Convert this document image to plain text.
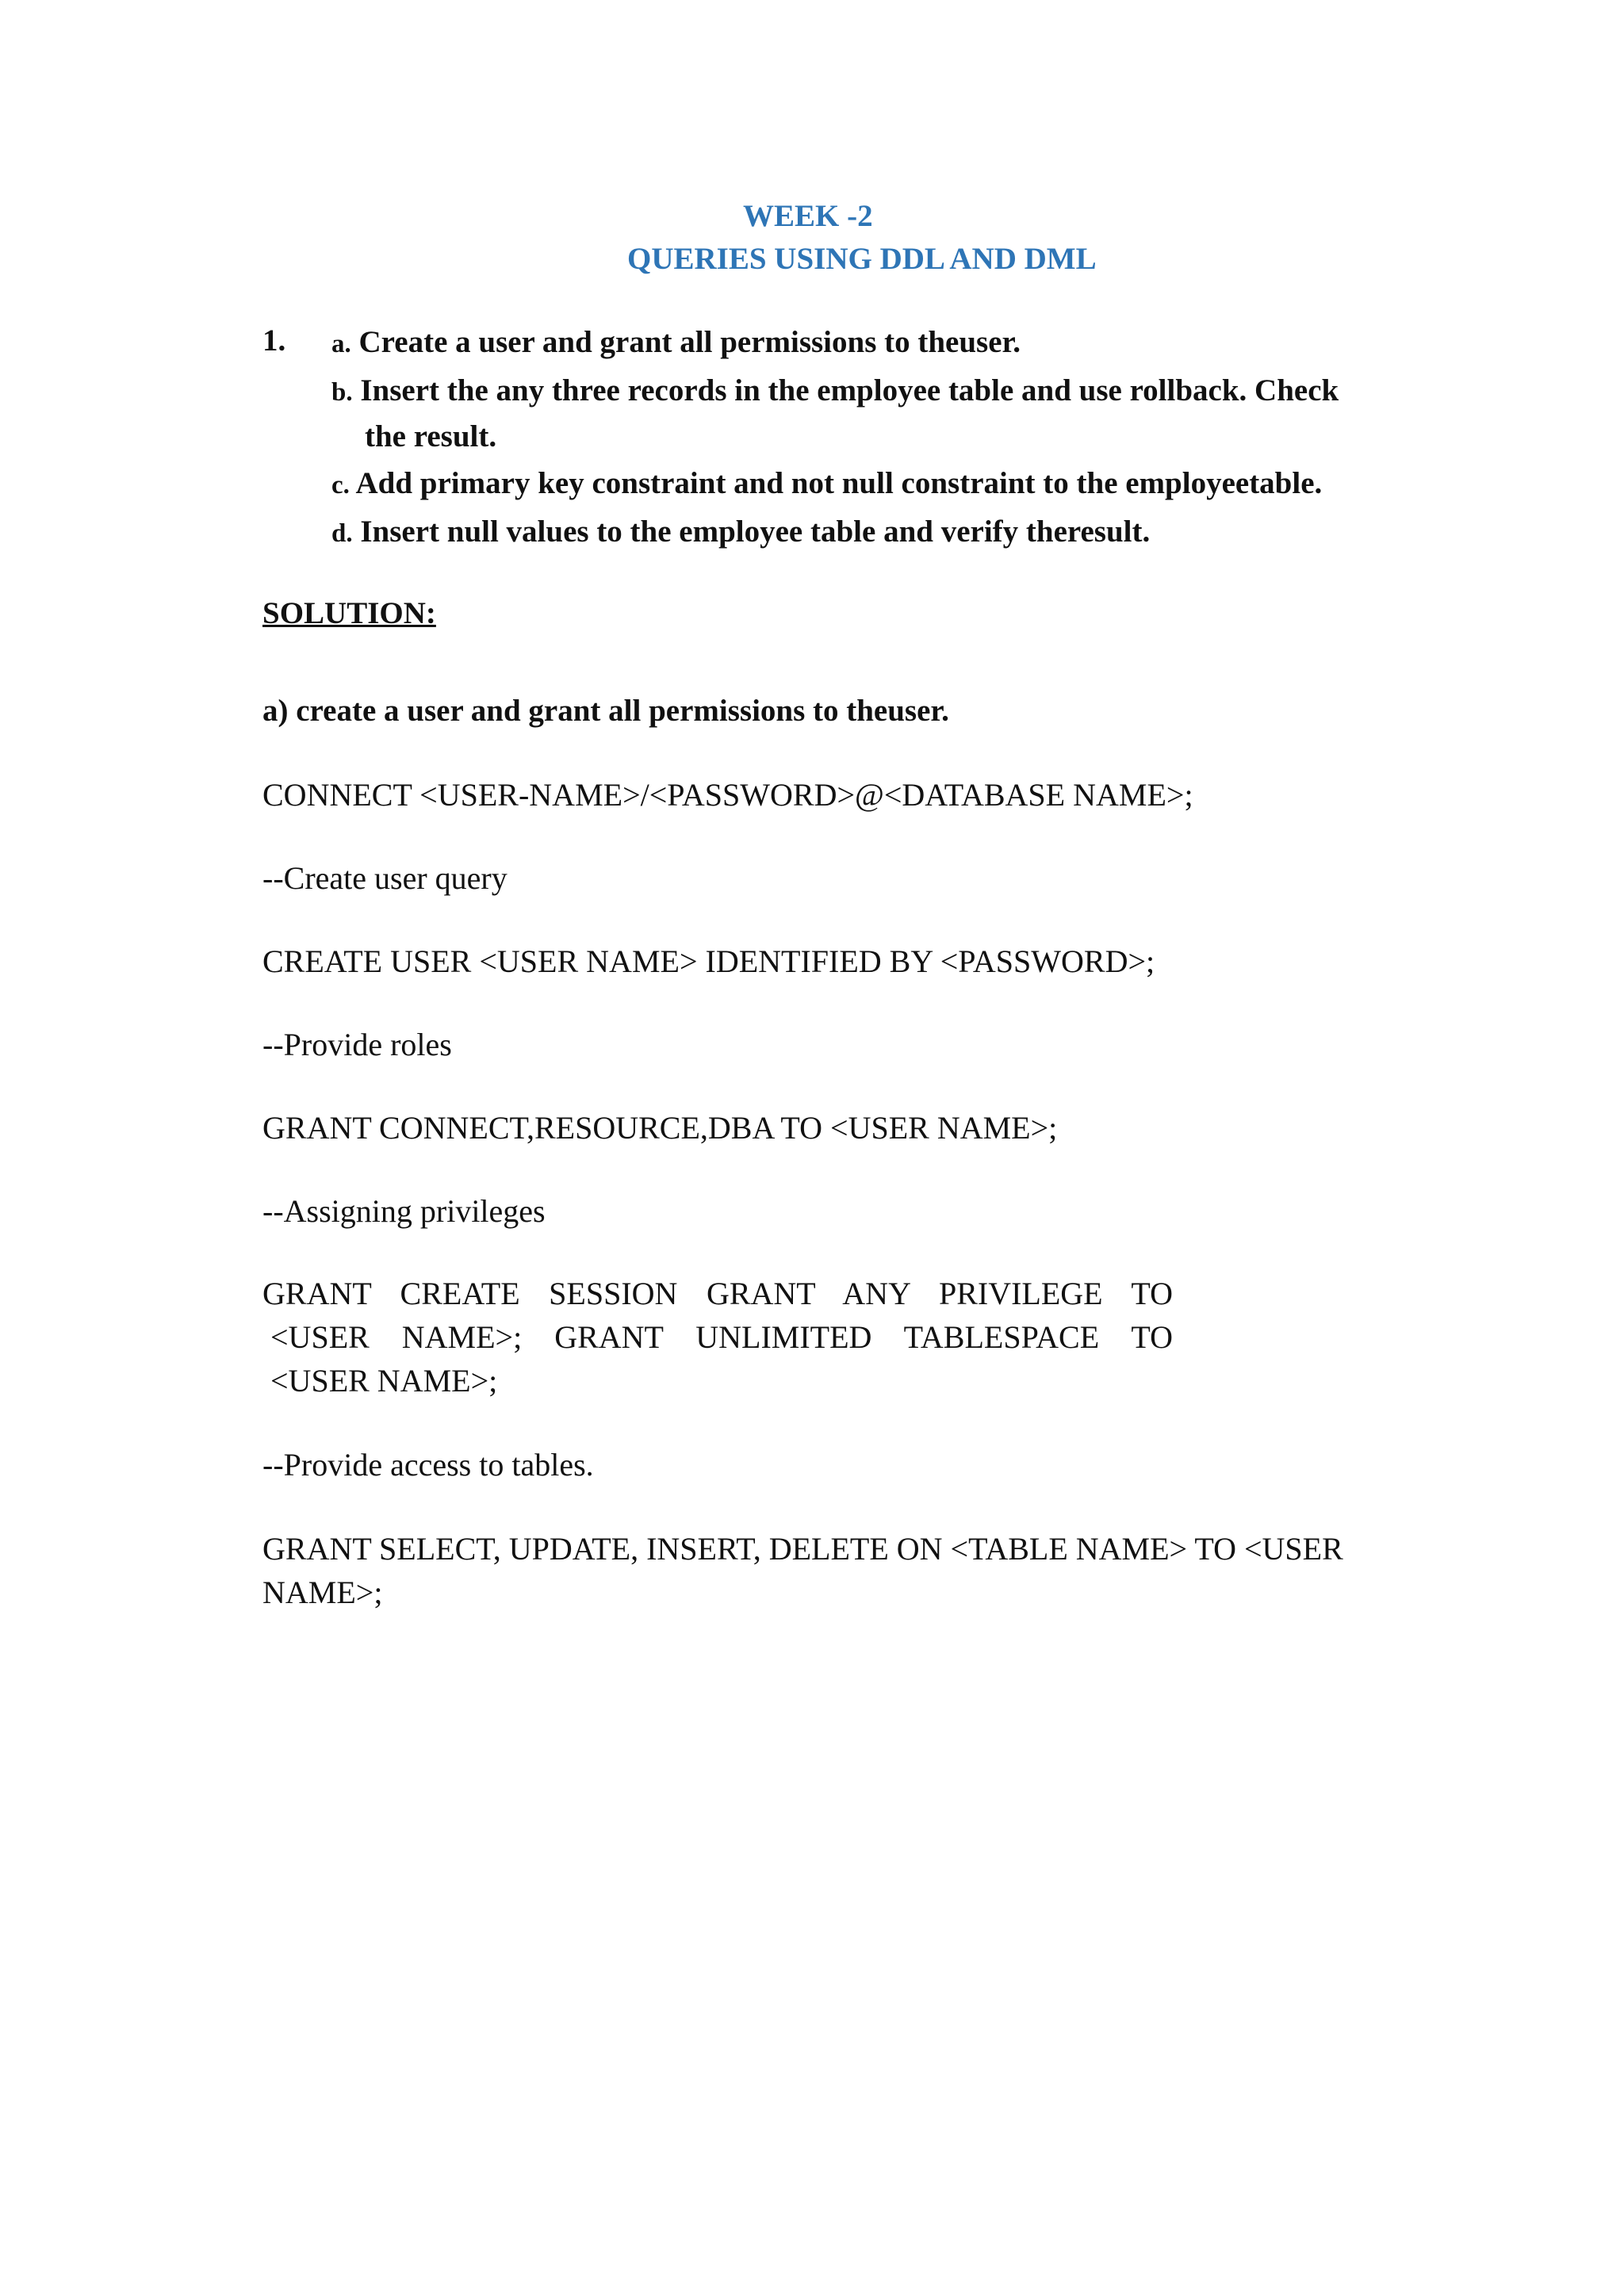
WEEK -2
QUERIES USING DDL AND DML
1. a. Create a user and grant all permissions to theuser.
b. Insert the any three records in the employee table and use rollback. Check
the result.
c. Add primary key constraint and not null constraint to the employeetable.
d. Insert null values to the employee table and verify theresult.
SOLUTION:
a) create a user and grant all permissions to theuser.
CONNECT <USER-NAME>/<PASSWORD>@<DATABASE NAME>;
--Create user query
CREATE USER <USER NAME> IDENTIFIED BY <PASSWORD>;
--Provide roles
GRANT CONNECT,RESOURCE,DBA TO <USER NAME>;
--Assigning privileges
GRANT CREATE SESSION GRANT ANY PRIVILEGE TO
<USER NAME>; GRANT UNLIMITED TABLESPACE TO
<USER NAME>;
--Provide access to tables.
GRANT SELECT, UPDATE, INSERT, DELETE ON <TABLE NAME> TO <USER
NAME>;
